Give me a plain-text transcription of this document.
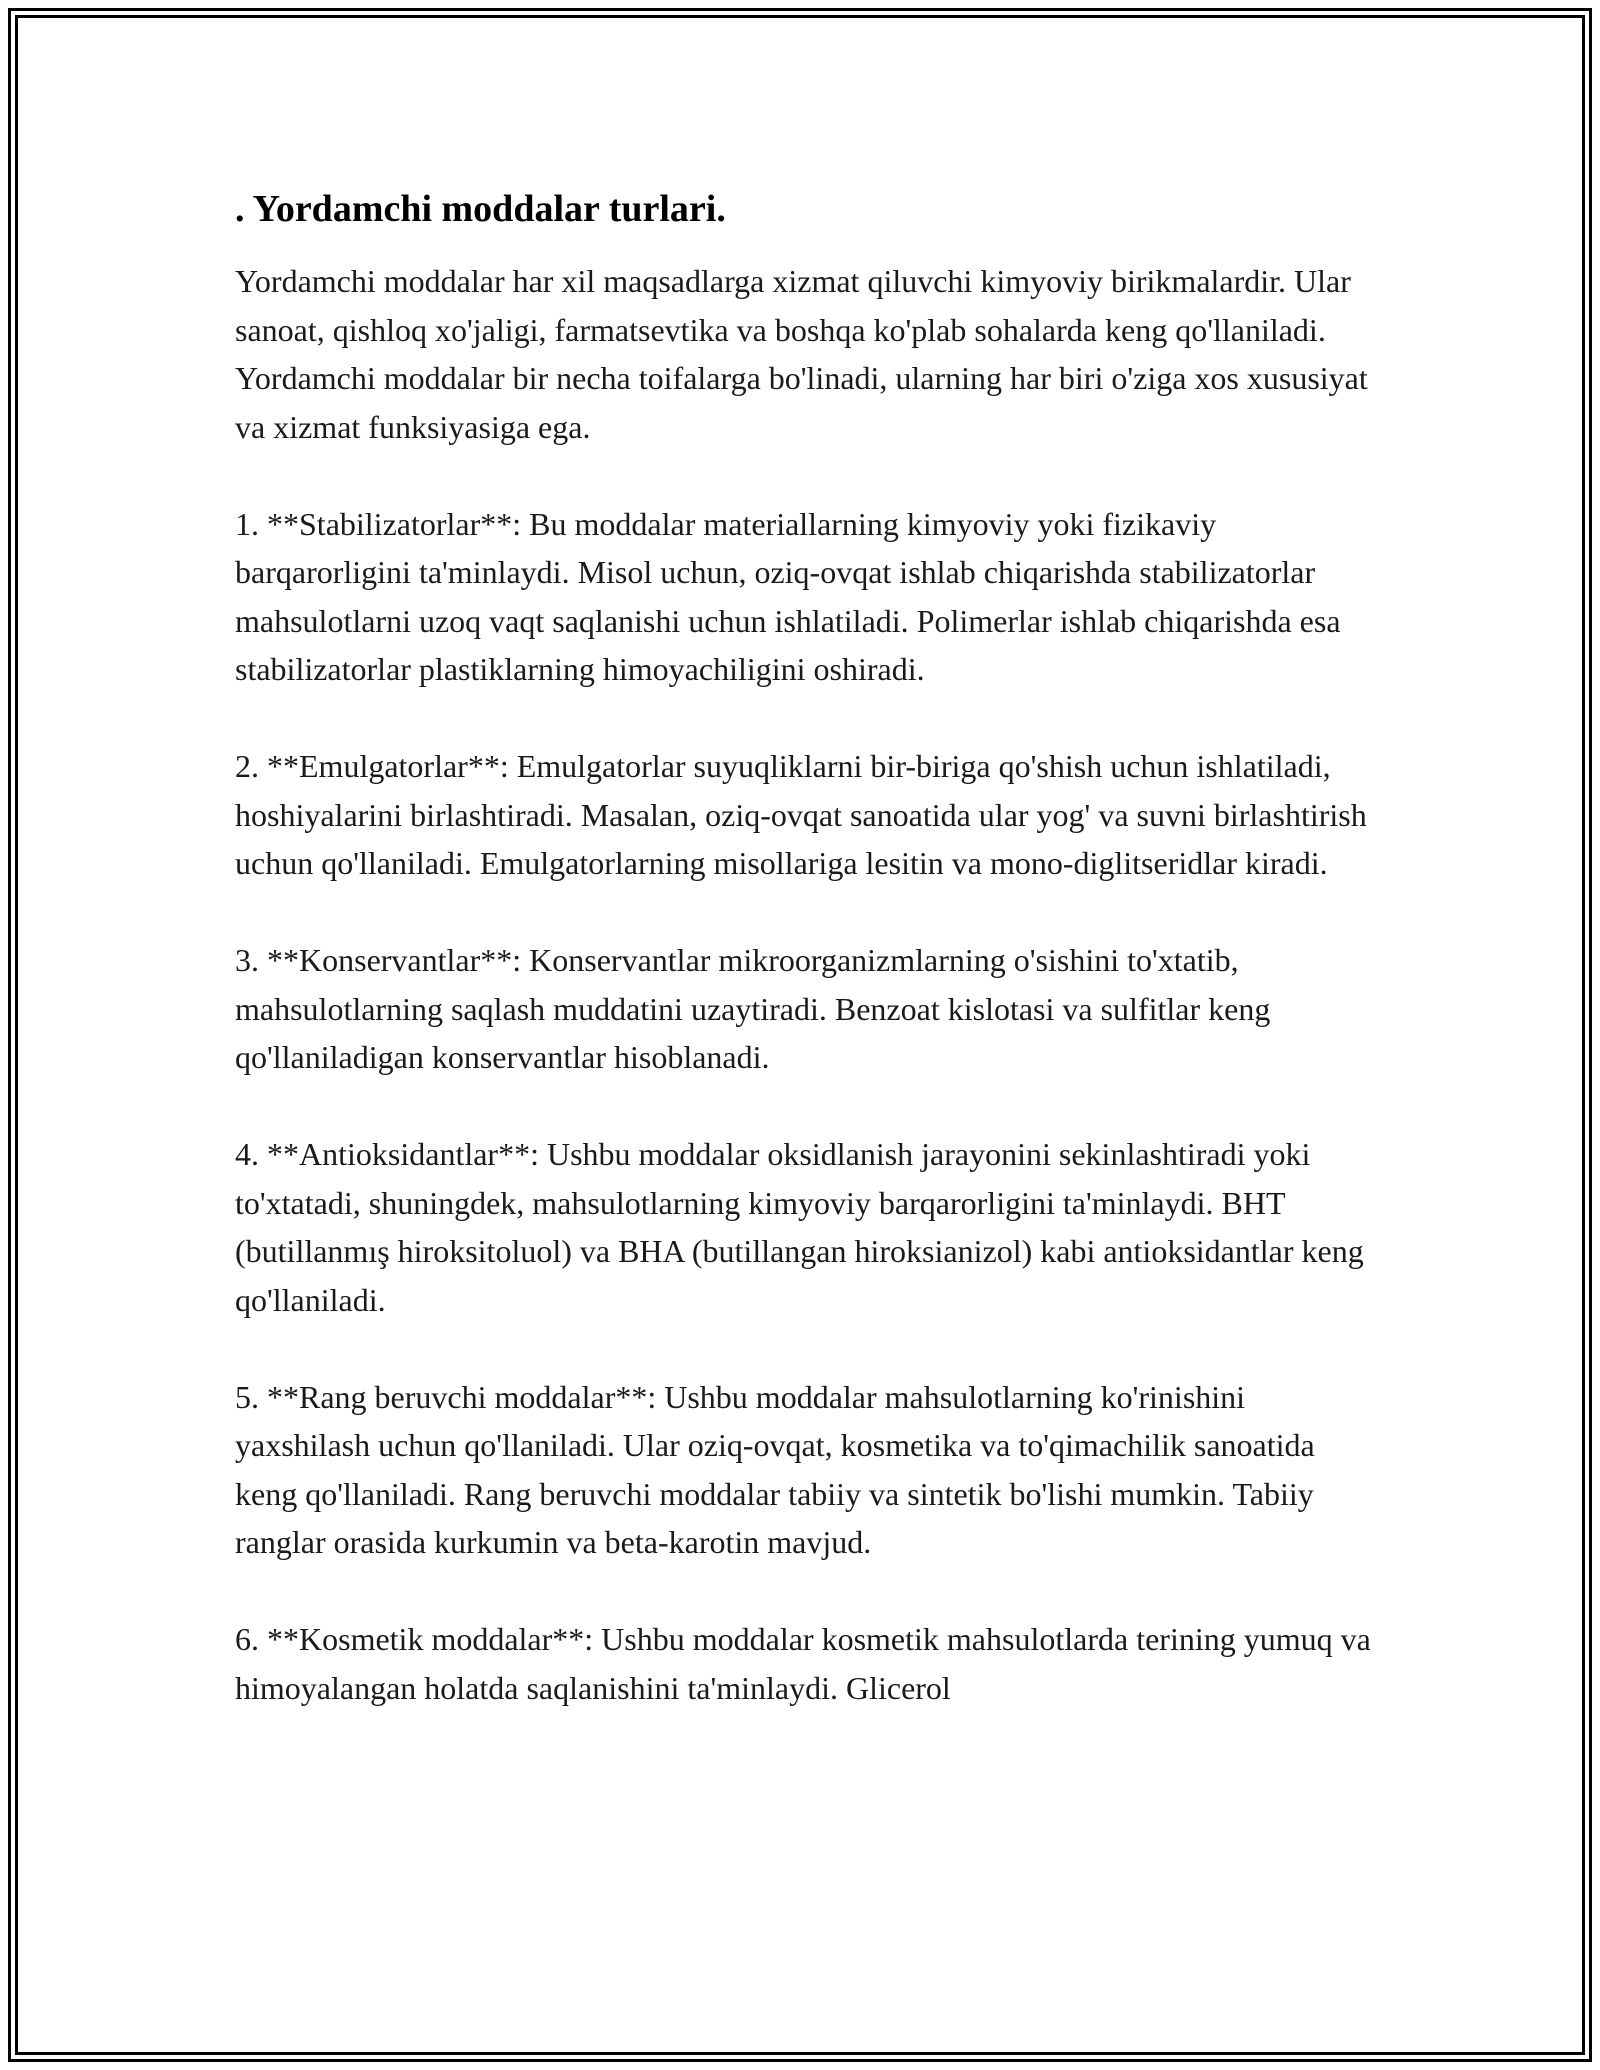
. Yordamchi moddalar turlari.

Yordamchi moddalar har xil maqsadlarga xizmat qiluvchi kimyoviy birikmalardir. Ular sanoat, qishloq xo'jaligi, farmatsevtika va boshqa ko'plab sohalarda keng qo'llaniladi. Yordamchi moddalar bir necha toifalarga bo'linadi, ularning har biri o'ziga xos xususiyat va xizmat funksiyasiga ega.

1. **Stabilizatorlar**: Bu moddalar materiallarning kimyoviy yoki fizikaviy barqarorligini ta'minlaydi. Misol uchun, oziq-ovqat ishlab chiqarishda stabilizatorlar mahsulotlarni uzoq vaqt saqlanishi uchun ishlatiladi. Polimerlar ishlab chiqarishda esa stabilizatorlar plastiklarning himoyachiligini oshiradi.

2. **Emulgatorlar**: Emulgatorlar suyuqliklarni bir-biriga qo'shish uchun ishlatiladi, hoshiyalarini birlashtiradi. Masalan, oziq-ovqat sanoatida ular yog' va suvni birlashtirish uchun qo'llaniladi. Emulgatorlarning misollariga lesitin va mono-diglitseridlar kiradi.

3. **Konservantlar**: Konservantlar mikroorganizmlarning o'sishini to'xtatib, mahsulotlarning saqlash muddatini uzaytiradi. Benzoat kislotasi va sulfitlar keng qo'llaniladigan konservantlar hisoblanadi.

4. **Antioksidantlar**: Ushbu moddalar oksidlanish jarayonini sekinlashtiradi yoki to'xtatadi, shuningdek, mahsulotlarning kimyoviy barqarorligini ta'minlaydi. BHT (butillanmış hiroksitoluol) va BHA (butillangan hiroksianizol) kabi antioksidantlar keng qo'llaniladi.

5. **Rang beruvchi moddalar**: Ushbu moddalar mahsulotlarning ko'rinishini yaxshilash uchun qo'llaniladi. Ular oziq-ovqat, kosmetika va to'qimachilik sanoatida keng qo'llaniladi. Rang beruvchi moddalar tabiiy va sintetik bo'lishi mumkin. Tabiiy ranglar orasida kurkumin va beta-karotin mavjud.

6. **Kosmetik moddalar**: Ushbu moddalar kosmetik mahsulotlarda terining yumuq va himoyalangan holatda saqlanishini ta'minlaydi. Glicerol
